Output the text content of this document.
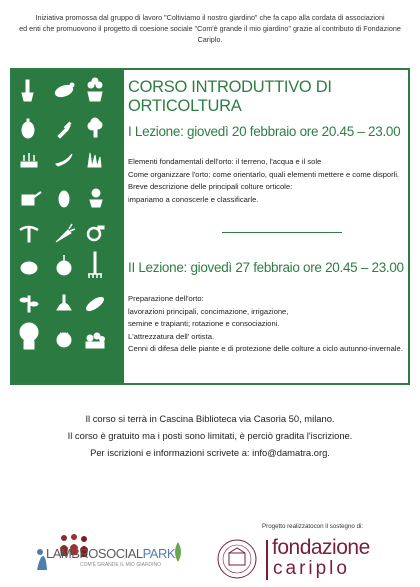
Iniziativa promossa dal gruppo di lavoro "Coltiviamo il nostro giardino" che fa capo alla cordata di associazioni
ed enti che promuovono il progetto di coesione sociale "Com'è grande il mio giardino" grazie al contributo di Fondazione Cariplo.
CORSO INTRODUTTIVO DI ORTICOLTURA
I Lezione: giovedì 20 febbraio ore 20.45 – 23.00
Elementi fondamentali dell'orto: il terreno, l'acqua e il sole
Come organizzare l'orto: come orientarlo, quali elementi mettere e come disporli.
Breve descrizione delle principali colture orticole:
impariamo a conoscerle e classificarle.
II Lezione: giovedì 27 febbraio ore 20.45 – 23.00
Preparazione dell'orto:
lavorazioni principali, concimazione, irrigazione,
semine e trapianti; rotazione e consociazioni.
L'attrezzatura dell' ortista.
Cenni di difesa delle piante e di protezione delle colture a ciclo autunno-invernale.
Il corso si terrà in Cascina Biblioteca via Casoria 50, milano.
Il corso è gratuito ma i posti sono limitati, è perciò gradita l'iscrizione.
Per iscrizioni e informazioni scrivete a: info@damatra.org.
LAMBROSOCIALPARK
COM'È GRANDE IL MIO GIARDINO
Progetto realizzatocon il sostegno di:
fondazione
cariplo
